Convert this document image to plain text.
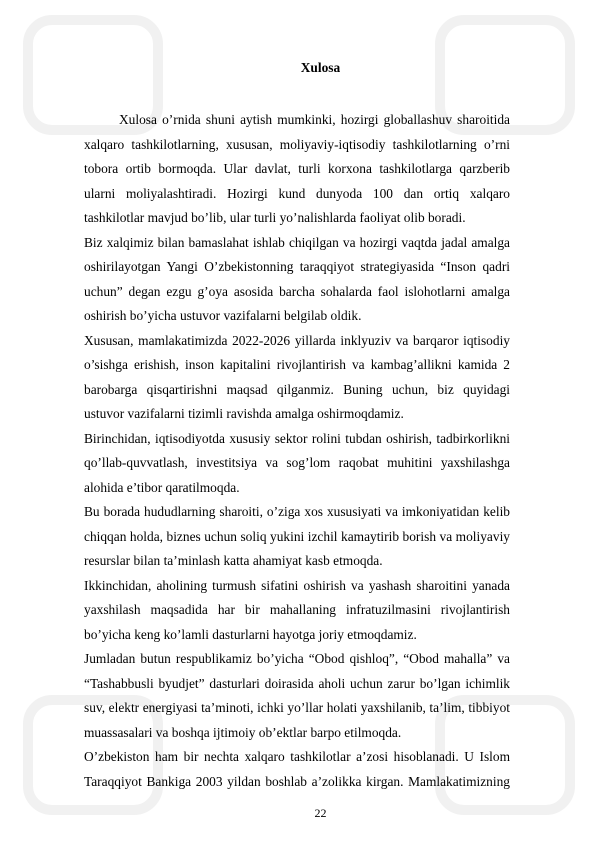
Xulosa

Xulosa o’rnida shuni aytish mumkinki, hozirgi globallashuv sharoitida xalqaro tashkilotlarning, xususan, moliyaviy-iqtisodiy tashkilotlarning o’rni tobora ortib bormoqda. Ular davlat, turli korxona tashkilotlarga qarzberib ularni moliyalashtiradi. Hozirgi kund dunyoda 100 dan ortiq xalqaro tashkilotlar mavjud bo’lib, ular turli yo’nalishlarda faoliyat olib boradi.

Biz xalqimiz bilan bamaslahat ishlab chiqilgan va hozirgi vaqtda jadal amalga oshirilayotgan Yangi O’zbekistonning taraqqiyot strategiyasida “Inson qadri uchun” degan ezgu g’oya asosida barcha sohalarda faol islohotlarni amalga oshirish bo’yicha ustuvor vazifalarni belgilab oldik.

Xususan, mamlakatimizda 2022-2026 yillarda inklyuziv va barqaror iqtisodiy o’sishga erishish, inson kapitalini rivojlantirish va kambag’allikni kamida 2 barobarga qisqartirishni maqsad qilganmiz. Buning uchun, biz quyidagi ustuvor vazifalarni tizimli ravishda amalga oshirmoqdamiz.

Birinchidan, iqtisodiyotda xususiy sektor rolini tubdan oshirish, tadbirkorlikni qo’llab-quvvatlash, investitsiya va sog’lom raqobat muhitini yaxshilashga alohida e’tibor qaratilmoqda.

Bu borada hududlarning sharoiti, o’ziga xos xususiyati va imkoniyatidan kelib chiqqan holda, biznes uchun soliq yukini izchil kamaytirib borish va moliyaviy resurslar bilan ta’minlash katta ahamiyat kasb etmoqda.

Ikkinchidan, aholining turmush sifatini oshirish va yashash sharoitini yanada yaxshilash maqsadida har bir mahallaning infratuzilmasini rivojlantirish bo’yicha keng ko’lamli dasturlarni hayotga joriy etmoqdamiz.

Jumladan butun respublikamiz bo’yicha “Obod qishloq”, “Obod mahalla” va “Tashabbusli byudjet” dasturlari doirasida aholi uchun zarur bo’lgan ichimlik suv, elektr energiyasi ta’minoti, ichki yo’llar holati yaxshilanib, ta’lim, tibbiyot muassasalari va boshqa ijtimoiy ob’ektlar barpo etilmoqda.

O’zbekiston ham bir nechta xalqaro tashkilotlar a’zosi hisoblanadi. U Islom Taraqqiyot Bankiga 2003 yildan boshlab a’zolikka kirgan. Mamlakatimizning

22
